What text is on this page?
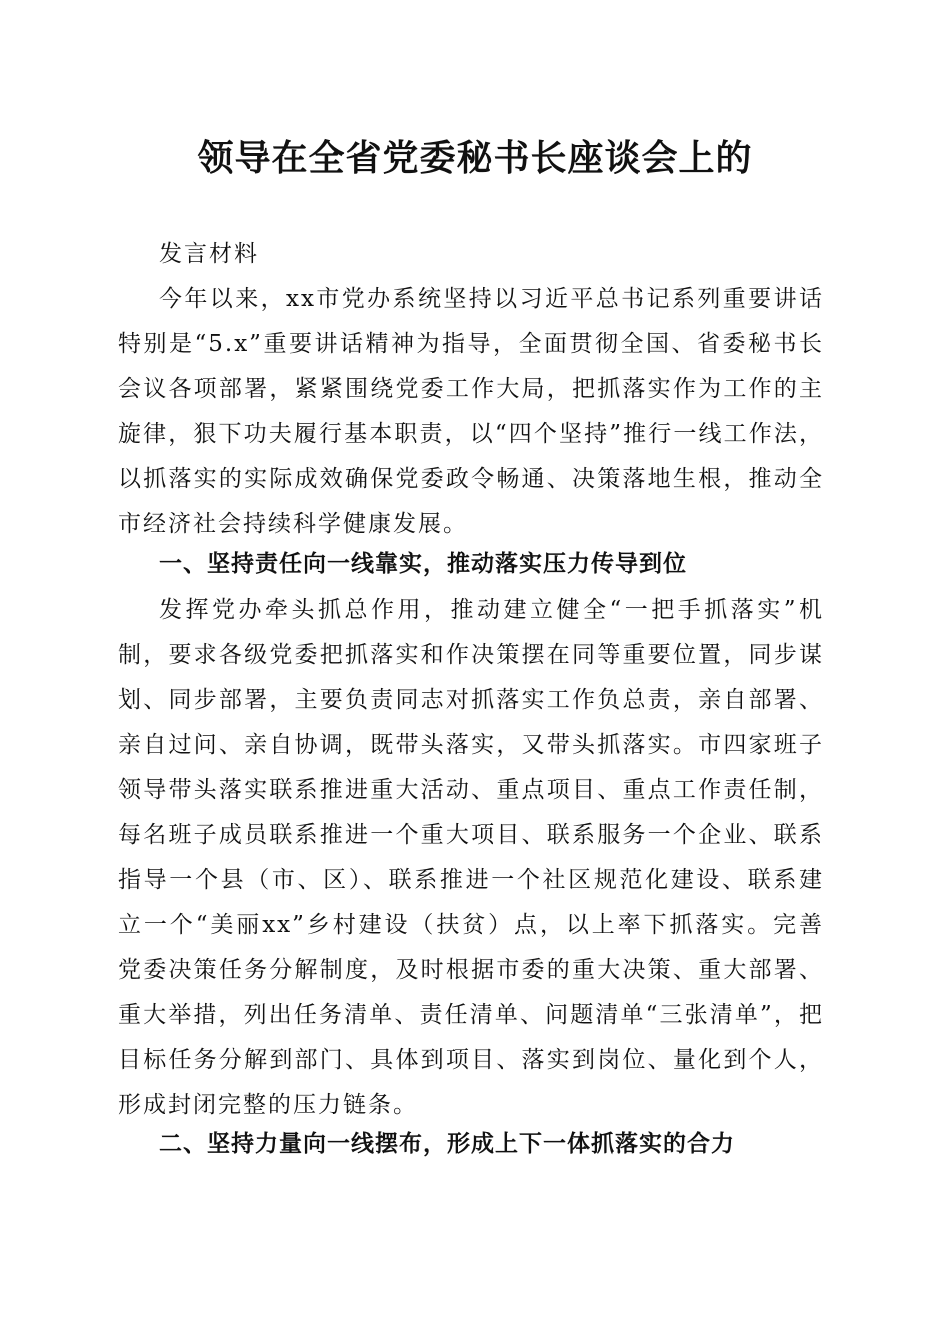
领导在全省党委秘书长座谈会上的

发言材料

今年以来，xx市党办系统坚持以习近平总书记系列重要讲话特别是“5.x”重要讲话精神为指导，全面贯彻全国、省委秘书长会议各项部署，紧紧围绕党委工作大局，把抓落实作为工作的主旋律，狠下功夫履行基本职责，以“四个坚持”推行一线工作法，以抓落实的实际成效确保党委政令畅通、决策落地生根，推动全市经济社会持续科学健康发展。

一、坚持责任向一线靠实，推动落实压力传导到位

发挥党办牵头抓总作用，推动建立健全“一把手抓落实”机制，要求各级党委把抓落实和作决策摆在同等重要位置，同步谋划、同步部署，主要负责同志对抓落实工作负总责，亲自部署、亲自过问、亲自协调，既带头落实，又带头抓落实。市四家班子领导带头落实联系推进重大活动、重点项目、重点工作责任制，每名班子成员联系推进一个重大项目、联系服务一个企业、联系指导一个县（市、区）、联系推进一个社区规范化建设、联系建立一个“美丽xx”乡村建设（扶贫）点，以上率下抓落实。完善党委决策任务分解制度，及时根据市委的重大决策、重大部署、重大举措，列出任务清单、责任清单、问题清单“三张清单”，把目标任务分解到部门、具体到项目、落实到岗位、量化到个人，形成封闭完整的压力链条。

二、坚持力量向一线摆布，形成上下一体抓落实的合力
